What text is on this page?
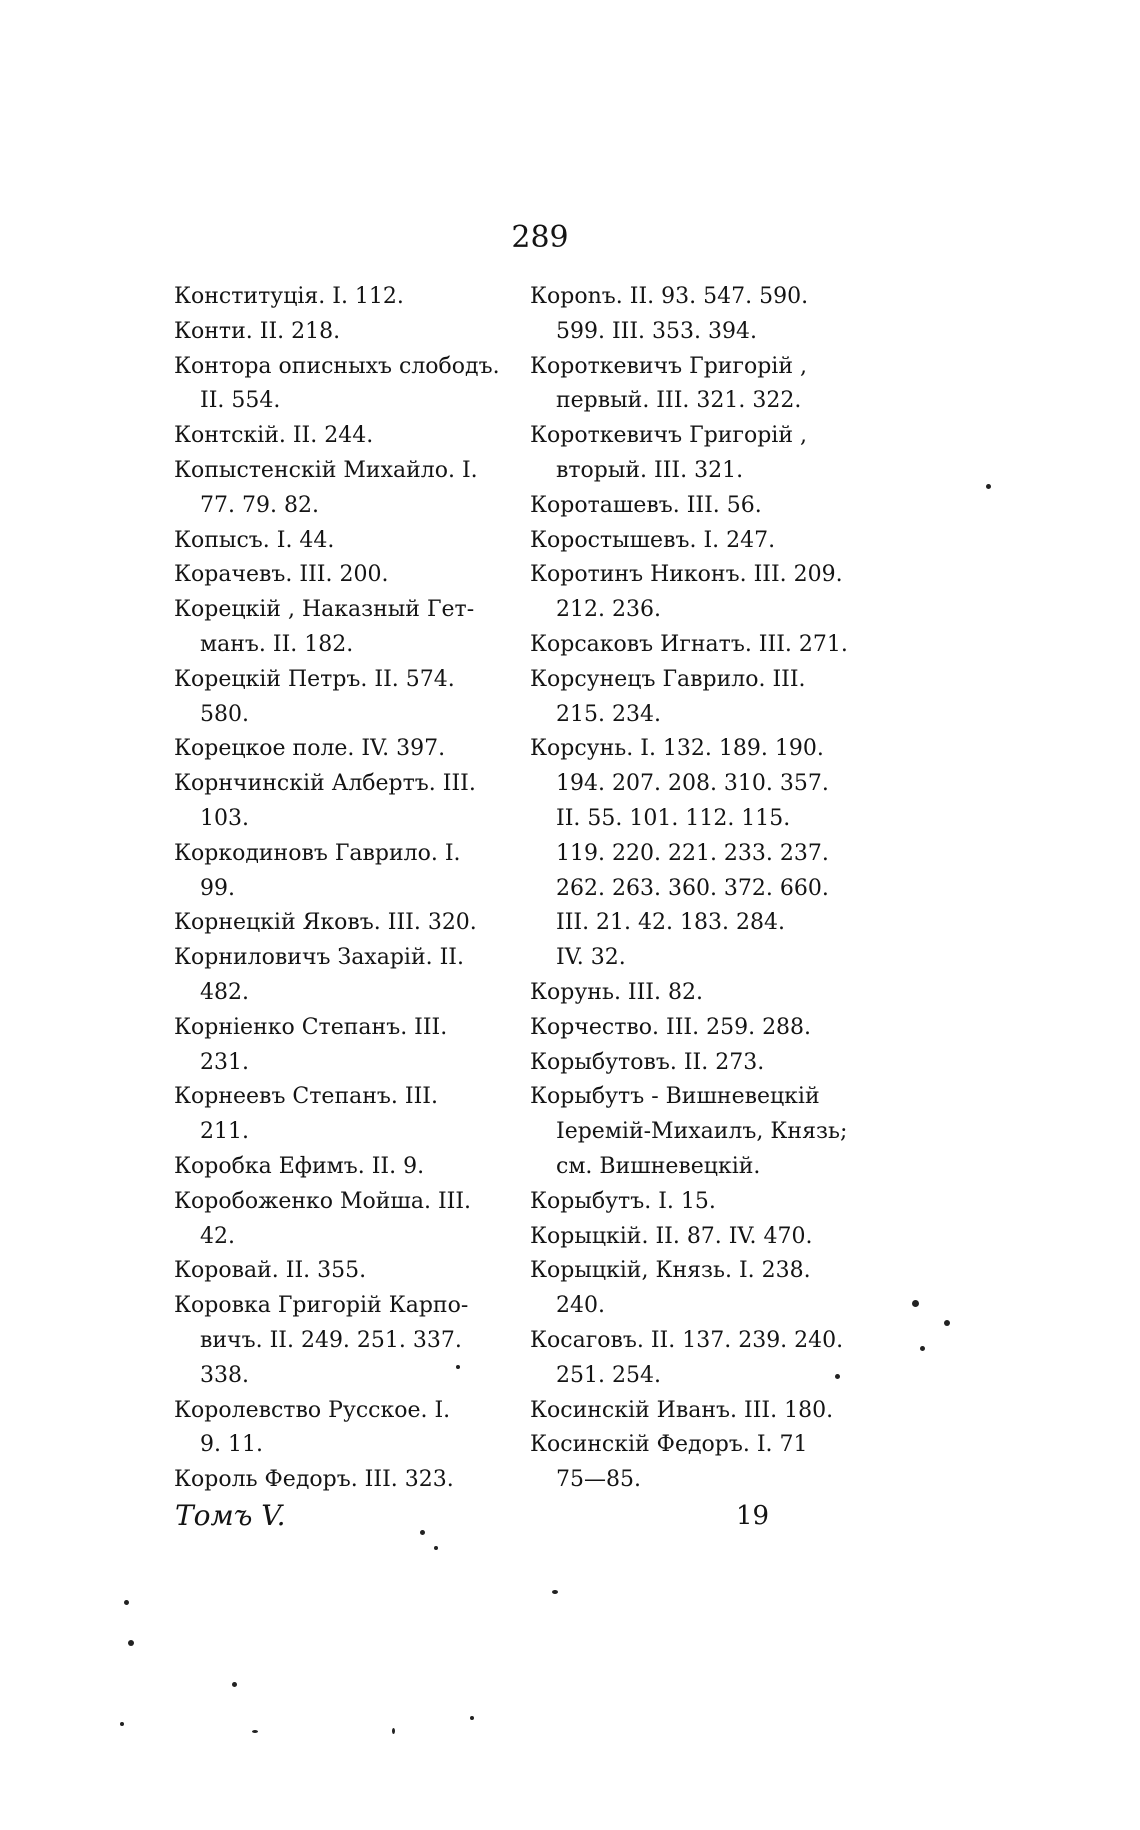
289
Конституція. I. 112.
Конти. II. 218.
Контора описныхъ слободъ.
II. 554.
Контскій. II. 244.
Копыстенскій Михайло. I.
77. 79. 82.
Копысъ. I. 44.
Корачевъ. III. 200.
Корецкій , Наказный Гет-
манъ. II. 182.
Корецкій Петръ. II. 574.
580.
Корецкое поле. IV. 397.
Корнчинскій Албертъ. III.
103.
Коркодиновъ Гаврило. I.
99.
Корнецкій Яковъ. III. 320.
Корниловичъ Захарій. II.
482.
Корніенко Степанъ. III.
231.
Корнеевъ Степанъ. III.
211.
Коробка Ефимъ. II. 9.
Коробоженко Мойша. III.
42.
Коровай. II. 355.
Коровка Григорій Карпо-
вичъ. II. 249. 251. 337.
338.
Королевство Русское. I.
9. 11.
Король Федоръ. III. 323.
Короnъ. II. 93. 547. 590.
599. III. 353. 394.
Короткевичъ Григорій ,
первый. III. 321. 322.
Короткевичъ Григорій ,
вторый. III. 321.
Короташевъ. III. 56.
Коростышевъ. I. 247.
Коротинъ Никонъ. III. 209.
212. 236.
Корсаковъ Игнатъ. III. 271.
Корсунецъ Гаврило. III.
215. 234.
Корсунь. I. 132. 189. 190.
194. 207. 208. 310. 357.
II. 55. 101. 112. 115.
119. 220. 221. 233. 237.
262. 263. 360. 372. 660.
III. 21. 42. 183. 284.
IV. 32.
Корунь. III. 82.
Корчество. III. 259. 288.
Корыбутовъ. II. 273.
Корыбутъ - Вишневецкій
Іеремій-Михаилъ, Князь;
см. Вишневецкій.
Корыбутъ. I. 15.
Корыцкій. II. 87. IV. 470.
Корыцкій, Князь. I. 238.
240.
Косаговъ. II. 137. 239. 240.
251. 254.
Косинскій Иванъ. III. 180.
Косинскій Федоръ. I. 71
75—85.
Томъ V.	19
